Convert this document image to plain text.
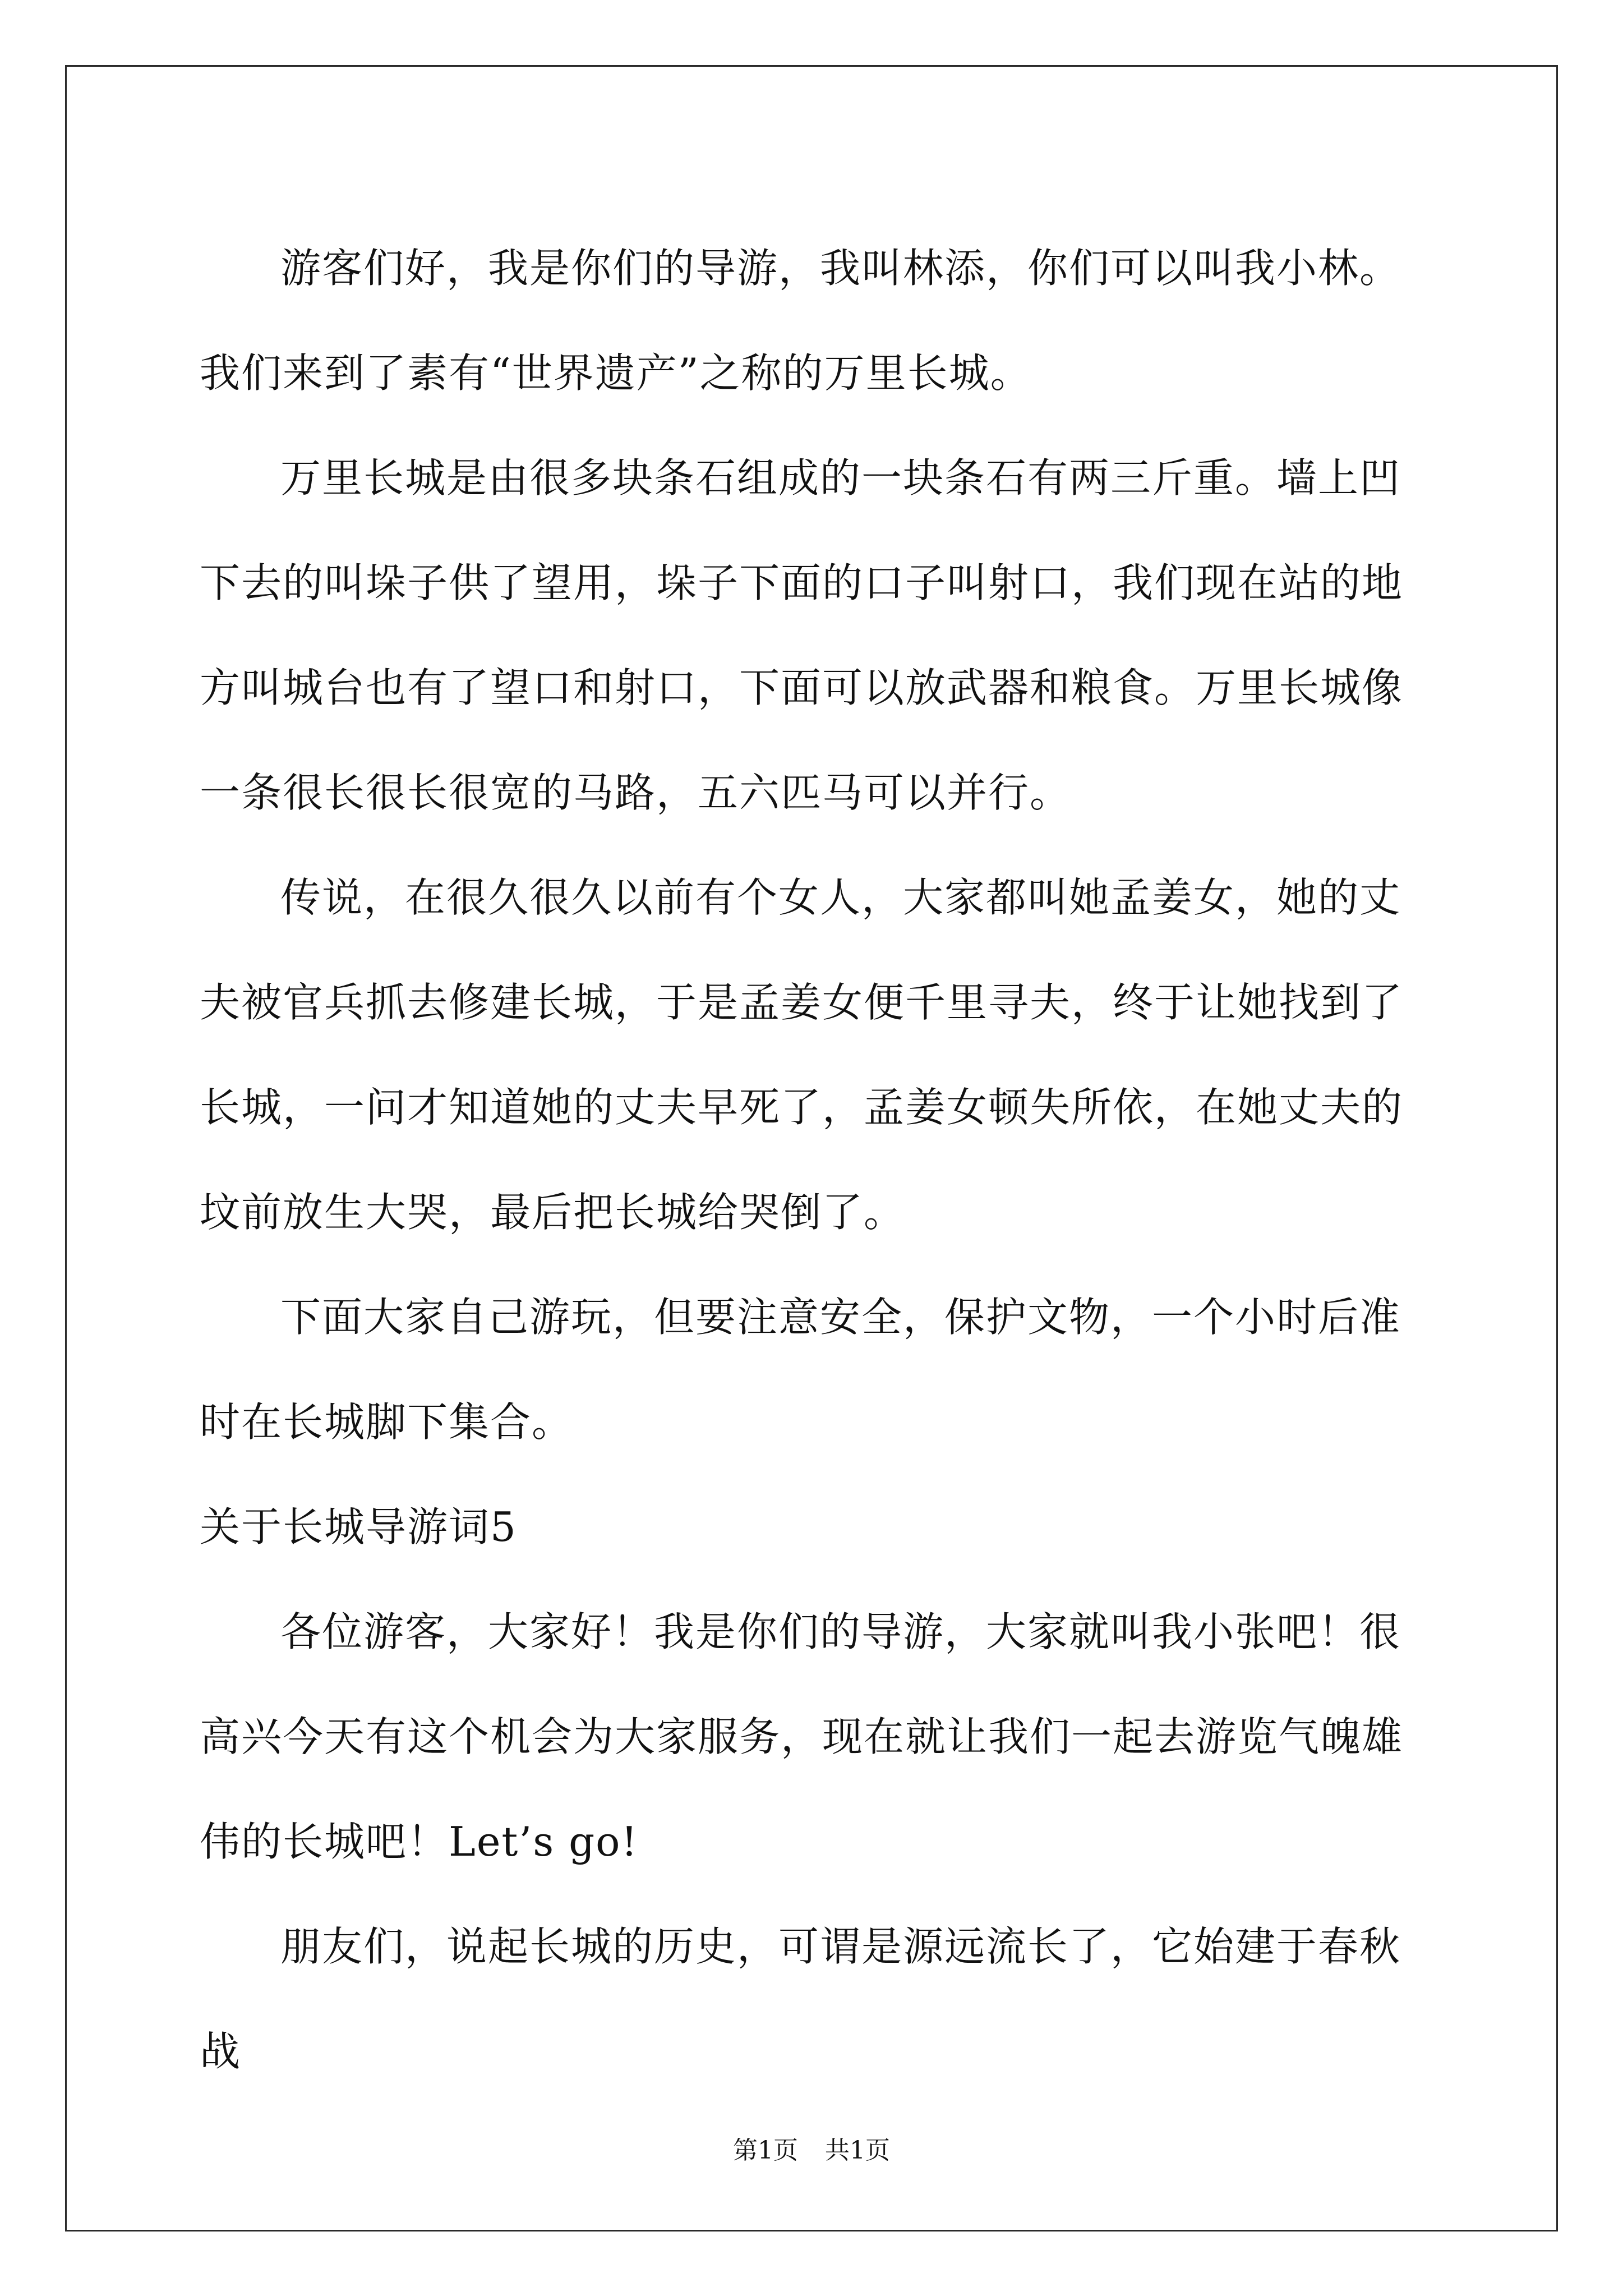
游客们好，我是你们的导游，我叫林添，你们可以叫我小林。我们来到了素有“世界遗产”之称的万里长城。

万里长城是由很多块条石组成的一块条石有两三斤重。墙上凹下去的叫垛子供了望用，垛子下面的口子叫射口，我们现在站的地方叫城台也有了望口和射口，下面可以放武器和粮食。万里长城像一条很长很长很宽的马路，五六匹马可以并行。

传说，在很久很久以前有个女人，大家都叫她孟姜女，她的丈夫被官兵抓去修建长城，于是孟姜女便千里寻夫，终于让她找到了长城，一问才知道她的丈夫早死了，孟姜女顿失所依，在她丈夫的坟前放生大哭，最后把长城给哭倒了。

下面大家自己游玩，但要注意安全，保护文物，一个小时后准时在长城脚下集合。

关于长城导游词5

各位游客，大家好！我是你们的导游，大家就叫我小张吧！很高兴今天有这个机会为大家服务，现在就让我们一起去游览气魄雄伟的长城吧！Let’s go!

朋友们，说起长城的历史，可谓是源远流长了，它始建于春秋战

第1页 共1页
